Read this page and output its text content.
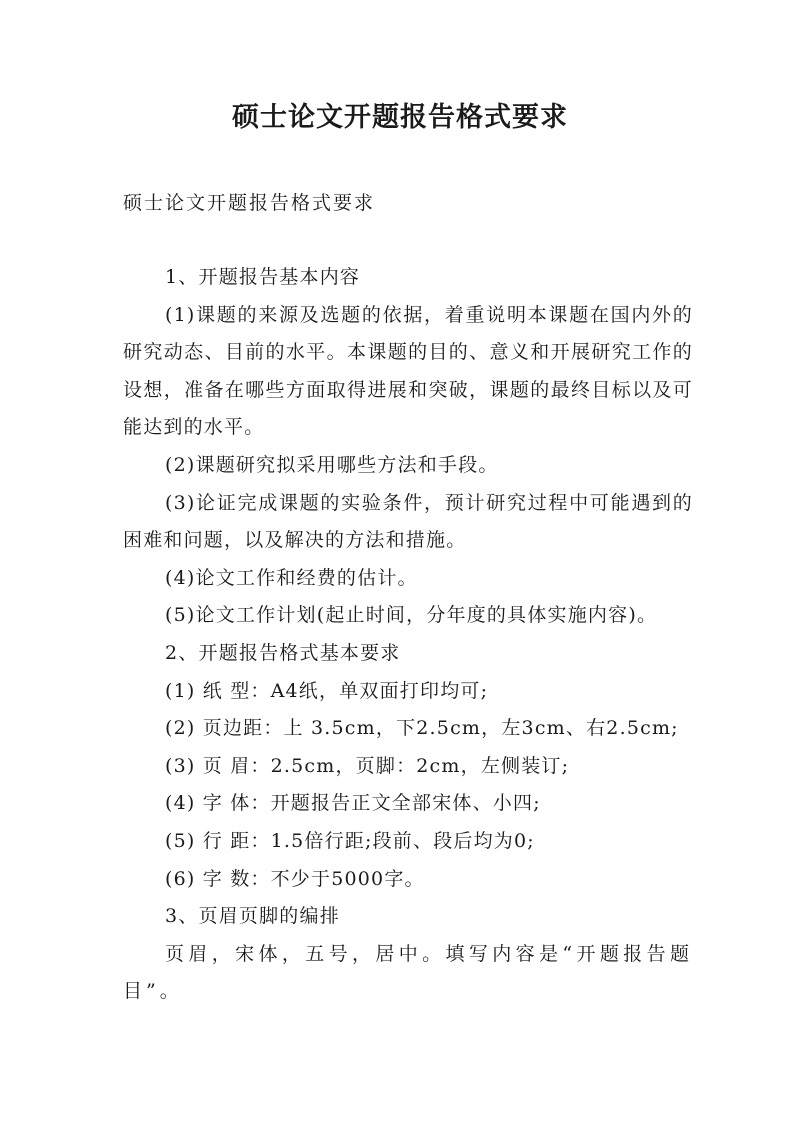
硕士论文开题报告格式要求
硕士论文开题报告格式要求

1、开题报告基本内容

(1)课题的来源及选题的依据，着重说明本课题在国内外的研究动态、目前的水平。本课题的目的、意义和开展研究工作的设想，准备在哪些方面取得进展和突破，课题的最终目标以及可能达到的水平。

(2)课题研究拟采用哪些方法和手段。

(3)论证完成课题的实验条件，预计研究过程中可能遇到的困难和问题，以及解决的方法和措施。

(4)论文工作和经费的估计。

(5)论文工作计划(起止时间，分年度的具体实施内容)。

2、开题报告格式基本要求

(1) 纸 型：A4纸，单双面打印均可;

(2) 页边距：上 3.5cm，下2.5cm，左3cm、右2.5cm;

(3) 页 眉：2.5cm，页脚：2cm，左侧装订;

(4) 字 体：开题报告正文全部宋体、小四;

(5) 行 距：1.5倍行距;段前、段后均为0;

(6) 字 数：不少于5000字。

3、页眉页脚的编排

页眉，宋体，五号，居中。填写内容是“开题报告题目”。
